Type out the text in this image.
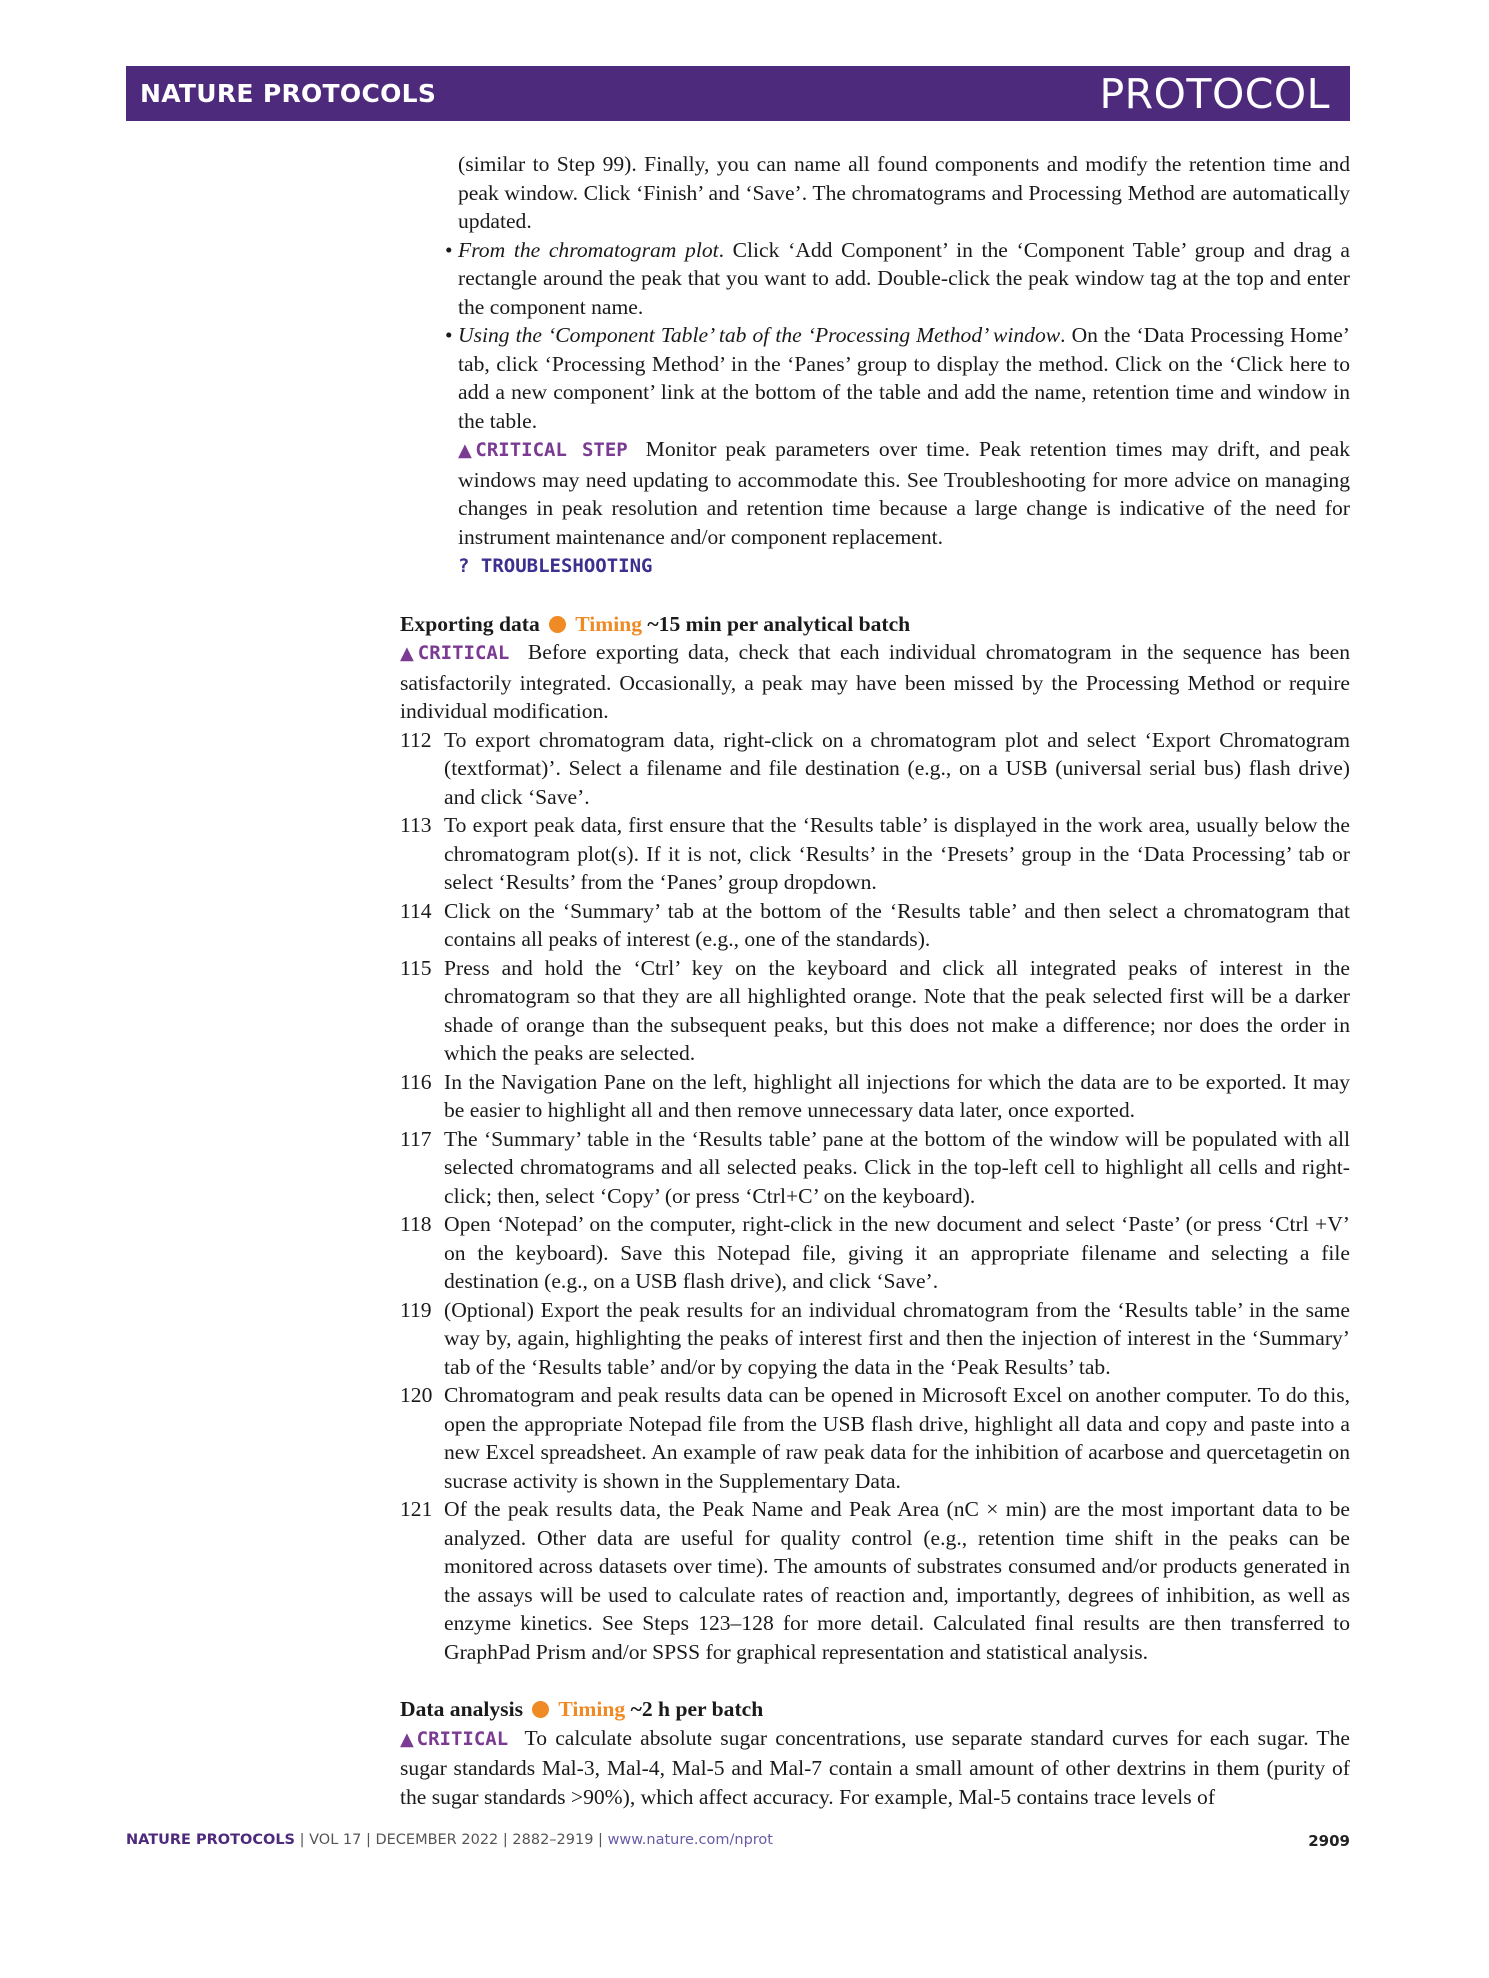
NATURE PROTOCOLS	PROTOCOL

(similar to Step 99). Finally, you can name all found components and modify the retention time and peak window. Click ‘Finish’ and ‘Save’. The chromatograms and Processing Method are automatically updated.

• From the chromatogram plot. Click ‘Add Component’ in the ‘Component Table’ group and drag a rectangle around the peak that you want to add. Double-click the peak window tag at the top and enter the component name.

• Using the ‘Component Table’ tab of the ‘Processing Method’ window. On the ‘Data Processing Home’ tab, click ‘Processing Method’ in the ‘Panes’ group to display the method. Click on the ‘Click here to add a new component’ link at the bottom of the table and add the name, retention time and window in the table.

▲CRITICAL STEP Monitor peak parameters over time. Peak retention times may drift, and peak windows may need updating to accommodate this. See Troubleshooting for more advice on managing changes in peak resolution and retention time because a large change is indicative of the need for instrument maintenance and/or component replacement.

? TROUBLESHOOTING

Exporting data Timing ~15 min per analytical batch

▲CRITICAL Before exporting data, check that each individual chromatogram in the sequence has been satisfactorily integrated. Occasionally, a peak may have been missed by the Processing Method or require individual modification.

112 To export chromatogram data, right-click on a chromatogram plot and select ‘Export Chromatogram (textformat)’. Select a filename and file destination (e.g., on a USB (universal serial bus) flash drive) and click ‘Save’.

113 To export peak data, first ensure that the ‘Results table’ is displayed in the work area, usually below the chromatogram plot(s). If it is not, click ‘Results’ in the ‘Presets’ group in the ‘Data Processing’ tab or select ‘Results’ from the ‘Panes’ group dropdown.

114 Click on the ‘Summary’ tab at the bottom of the ‘Results table’ and then select a chromatogram that contains all peaks of interest (e.g., one of the standards).

115 Press and hold the ‘Ctrl’ key on the keyboard and click all integrated peaks of interest in the chromatogram so that they are all highlighted orange. Note that the peak selected first will be a darker shade of orange than the subsequent peaks, but this does not make a difference; nor does the order in which the peaks are selected.

116 In the Navigation Pane on the left, highlight all injections for which the data are to be exported. It may be easier to highlight all and then remove unnecessary data later, once exported.

117 The ‘Summary’ table in the ‘Results table’ pane at the bottom of the window will be populated with all selected chromatograms and all selected peaks. Click in the top-left cell to highlight all cells and right-click; then, select ‘Copy’ (or press ‘Ctrl+C’ on the keyboard).

118 Open ‘Notepad’ on the computer, right-click in the new document and select ‘Paste’ (or press ‘Ctrl +V’ on the keyboard). Save this Notepad file, giving it an appropriate filename and selecting a file destination (e.g., on a USB flash drive), and click ‘Save’.

119 (Optional) Export the peak results for an individual chromatogram from the ‘Results table’ in the same way by, again, highlighting the peaks of interest first and then the injection of interest in the ‘Summary’ tab of the ‘Results table’ and/or by copying the data in the ‘Peak Results’ tab.

120 Chromatogram and peak results data can be opened in Microsoft Excel on another computer. To do this, open the appropriate Notepad file from the USB flash drive, highlight all data and copy and paste into a new Excel spreadsheet. An example of raw peak data for the inhibition of acarbose and quercetagetin on sucrase activity is shown in the Supplementary Data.

121 Of the peak results data, the Peak Name and Peak Area (nC × min) are the most important data to be analyzed. Other data are useful for quality control (e.g., retention time shift in the peaks can be monitored across datasets over time). The amounts of substrates consumed and/or products generated in the assays will be used to calculate rates of reaction and, importantly, degrees of inhibition, as well as enzyme kinetics. See Steps 123–128 for more detail. Calculated final results are then transferred to GraphPad Prism and/or SPSS for graphical representation and statistical analysis.

Data analysis Timing ~2 h per batch

▲CRITICAL To calculate absolute sugar concentrations, use separate standard curves for each sugar. The sugar standards Mal-3, Mal-4, Mal-5 and Mal-7 contain a small amount of other dextrins in them (purity of the sugar standards >90%), which affect accuracy. For example, Mal-5 contains trace levels of

NATURE PROTOCOLS | VOL 17 | DECEMBER 2022 | 2882–2919 | www.nature.com/nprot	2909
